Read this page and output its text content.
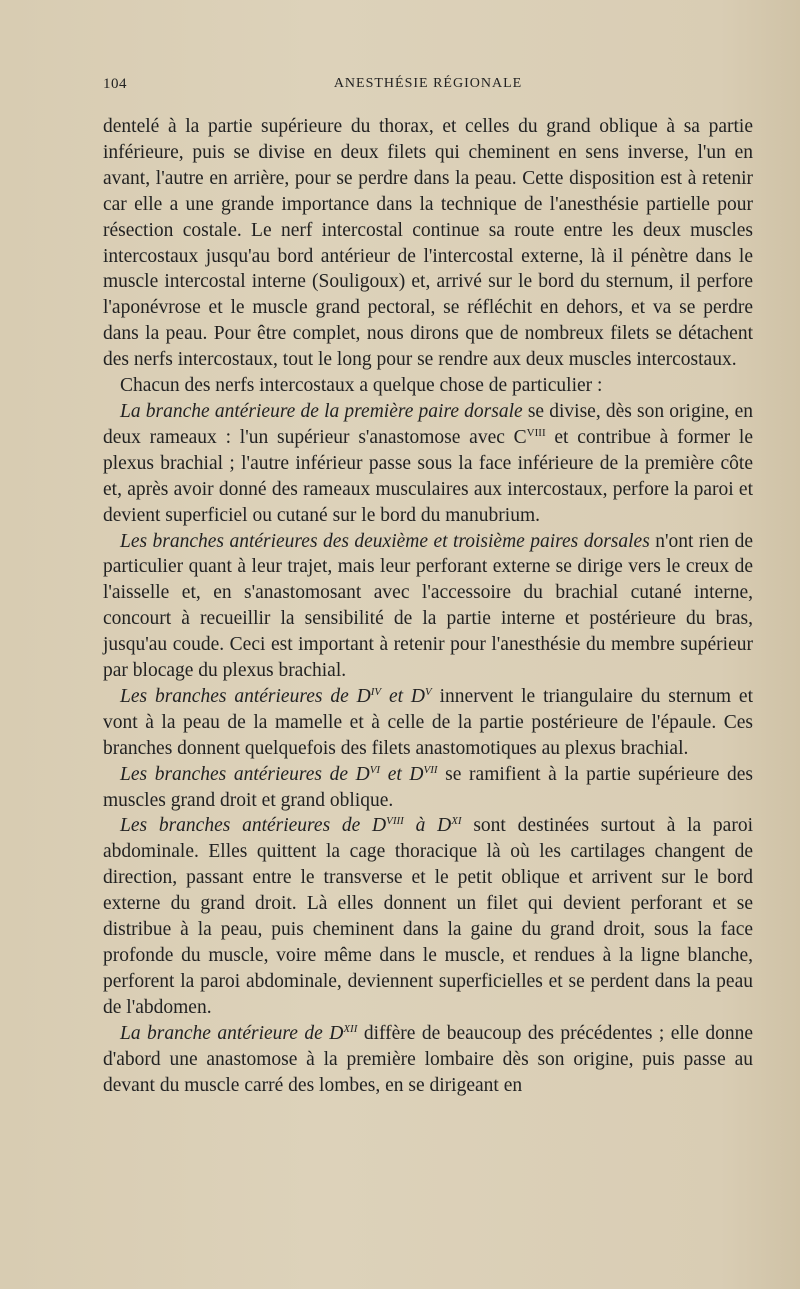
104	ANESTHÉSIE RÉGIONALE

dentelé à la partie supérieure du thorax, et celles du grand oblique à sa partie inférieure, puis se divise en deux filets qui cheminent en sens inverse, l'un en avant, l'autre en arrière, pour se perdre dans la peau. Cette disposition est à retenir car elle a une grande importance dans la technique de l'anesthésie partielle pour résection costale. Le nerf intercostal continue sa route entre les deux muscles intercostaux jusqu'au bord antérieur de l'intercostal externe, là il pénètre dans le muscle intercostal interne (Souligoux) et, arrivé sur le bord du sternum, il perfore l'aponévrose et le muscle grand pectoral, se réfléchit en dehors, et va se perdre dans la peau. Pour être complet, nous dirons que de nombreux filets se détachent des nerfs intercostaux, tout le long pour se rendre aux deux muscles intercostaux.

Chacun des nerfs intercostaux a quelque chose de particulier :

La branche antérieure de la première paire dorsale se divise, dès son origine, en deux rameaux : l'un supérieur s'anastomose avec $C^{VIII}$ et contribue à former le plexus brachial ; l'autre inférieur passe sous la face inférieure de la première côte et, après avoir donné des rameaux musculaires aux intercostaux, perfore la paroi et devient superficiel ou cutané sur le bord du manubrium.

Les branches antérieures des deuxième et troisième paires dorsales n'ont rien de particulier quant à leur trajet, mais leur perforant externe se dirige vers le creux de l'aisselle et, en s'anastomosant avec l'accessoire du brachial cutané interne, concourt à recueillir la sensibilité de la partie interne et postérieure du bras, jusqu'au coude. Ceci est important à retenir pour l'anesthésie du membre supérieur par blocage du plexus brachial.

Les branches antérieures de $D^{IV}$ et $D^V$ innervent le triangulaire du sternum et vont à la peau de la mamelle et à celle de la partie postérieure de l'épaule. Ces branches donnent quelquefois des filets anastomotiques au plexus brachial.

Les branches antérieures de $D^{VI}$ et $D^{VII}$ se ramifient à la partie supérieure des muscles grand droit et grand oblique.

Les branches antérieures de $D^{VIII}$ à $D^{XI}$ sont destinées surtout à la paroi abdominale. Elles quittent la cage thoracique là où les cartilages changent de direction, passant entre le transverse et le petit oblique et arrivent sur le bord externe du grand droit. Là elles donnent un filet qui devient perforant et se distribue à la peau, puis cheminent dans la gaine du grand droit, sous la face profonde du muscle, voire même dans le muscle, et rendues à la ligne blanche, perforent la paroi abdominale, deviennent superficielles et se perdent dans la peau de l'abdomen.

La branche antérieure de $D^{XII}$ diffère de beaucoup des précédentes ; elle donne d'abord une anastomose à la première lombaire dès son origine, puis passe au devant du muscle carré des lombes, en se dirigeant en
